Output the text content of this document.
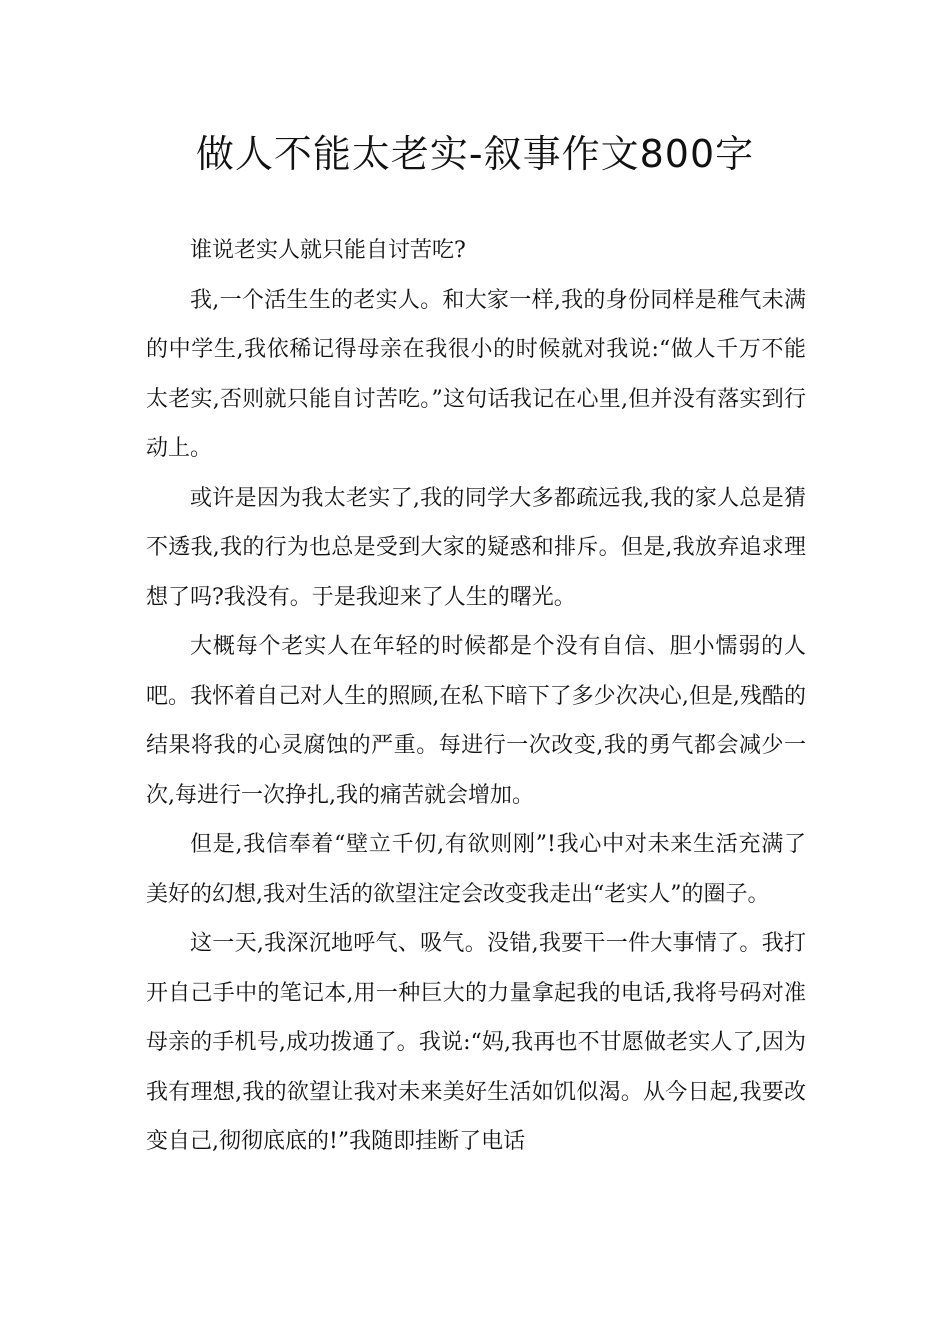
做人不能太老实-叙事作文800字

谁说老实人就只能自讨苦吃?

我,一个活生生的老实人。和大家一样,我的身份同样是稚气未满的中学生,我依稀记得母亲在我很小的时候就对我说:“做人千万不能太老实,否则就只能自讨苦吃。”这句话我记在心里,但并没有落实到行动上。

或许是因为我太老实了,我的同学大多都疏远我,我的家人总是猜不透我,我的行为也总是受到大家的疑惑和排斥。但是,我放弃追求理想了吗?我没有。于是我迎来了人生的曙光。

大概每个老实人在年轻的时候都是个没有自信、胆小懦弱的人吧。我怀着自己对人生的照顾,在私下暗下了多少次决心,但是,残酷的结果将我的心灵腐蚀的严重。每进行一次改变,我的勇气都会减少一次,每进行一次挣扎,我的痛苦就会增加。

但是,我信奉着“壁立千仞,有欲则刚”!我心中对未来生活充满了美好的幻想,我对生活的欲望注定会改变我走出“老实人”的圈子。

这一天,我深沉地呼气、吸气。没错,我要干一件大事情了。我打开自己手中的笔记本,用一种巨大的力量拿起我的电话,我将号码对准母亲的手机号,成功拨通了。我说:“妈,我再也不甘愿做老实人了,因为我有理想,我的欲望让我对未来美好生活如饥似渴。从今日起,我要改变自己,彻彻底底的!”我随即挂断了电话
